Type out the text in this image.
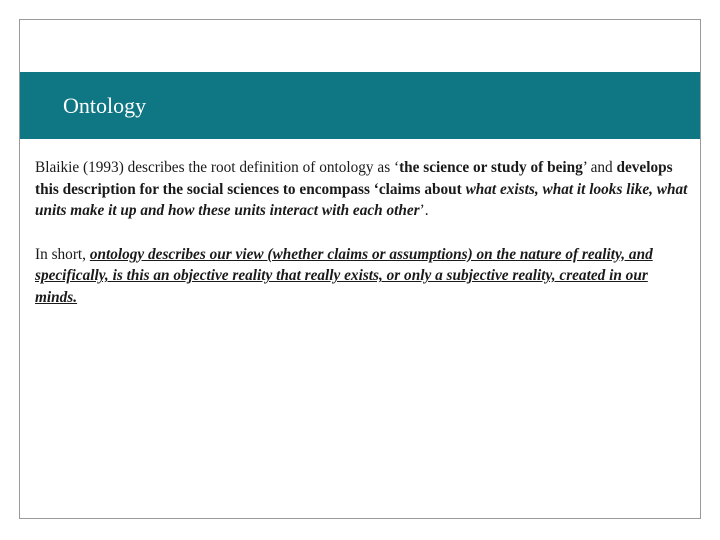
Ontology

Blaikie (1993) describes the root definition of ontology as ‘the science or study of being’ and develops this description for the social sciences to encompass ‘claims about what exists, what it looks like, what units make it up and how these units interact with each other’.

In short, ontology describes our view (whether claims or assumptions) on the nature of reality, and specifically, is this an objective reality that really exists, or only a subjective reality, created in our minds.
